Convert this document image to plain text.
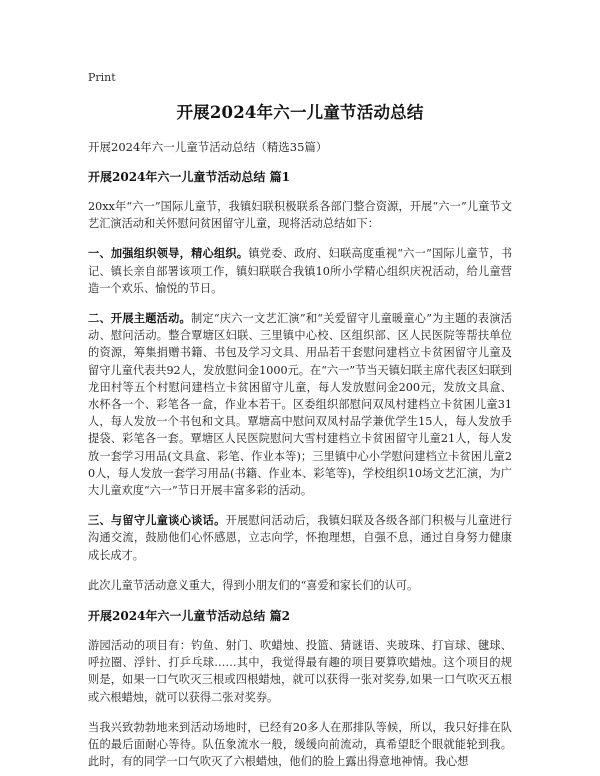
Print
开展2024年六一儿童节活动总结
开展2024年六一儿童节活动总结（精选35篇）
开展2024年六一儿童节活动总结 篇1

20xx年“六一”国际儿童节，我镇妇联积极联系各部门整合资源，开展“六一”儿童节文艺汇演活动和关怀慰问贫困留守儿童，现将活动总结如下：

一、加强组织领导，精心组织。镇党委、政府、妇联高度重视“六一”国际儿童节，书记、镇长亲自部署该项工作，镇妇联联合我镇10所小学精心组织庆祝活动，给儿童营造一个欢乐、愉悦的节日。

二、开展主题活动。制定“庆六一文艺汇演”和“关爱留守儿童暖童心”为主题的表演活动、慰问活动。整合覃塘区妇联、三里镇中心校、区组织部、区人民医院等帮扶单位的资源，筹集捐赠书籍、书包及学习文具、用品若干套慰问建档立卡贫困留守儿童及留守儿童代表共92人，发放慰问金1000元。在“六一”节当天镇妇联主席代表区妇联到龙田村等五个村慰问建档立卡贫困留守儿童，每人发放慰问金200元，发放文具盒、水杯各一个、彩笔各一盒，作业本若干。区委组织部慰问双凤村建档立卡贫困儿童31人，每人发放一个书包和文具。覃塘高中慰问双凤村品学兼优学生15人，每人发放手提袋、彩笔各一套。覃塘区人民医院慰问大雪村建档立卡贫困留守儿童21人，每人发放一套学习用品(文具盒、彩笔、作业本等)；三里镇中心小学慰问建档立卡贫困儿童20人，每人发放一套学习用品(书籍、作业本、彩笔等)，学校组织10场文艺汇演，为广大儿童欢度“六一”节日开展丰富多彩的活动。

三、与留守儿童谈心谈话。开展慰问活动后，我镇妇联及各级各部门积极与儿童进行沟通交流，鼓励他们心怀感恩，立志向学，怀抱理想，自强不息，通过自身努力健康成长成才。

此次儿童节活动意义重大，得到小朋友们的“喜爱和家长们的认可。

开展2024年六一儿童节活动总结 篇2

游园活动的项目有：钓鱼、射门、吹蜡烛、投篮、猜谜语、夹玻珠、打盲球、毽球、呼拉圈、浮针、打乒乓球……其中，我觉得最有趣的项目要算吹蜡烛。这个项目的规则是，如果一口气吹灭三根或四根蜡烛，就可以获得一张对奖券,如果一口气吹灭五根或六根蜡烛，就可以获得二张对奖券。

当我兴致勃勃地来到活动场地时，已经有20多人在那排队等候，所以，我只好排在队伍的最后面耐心等待。队伍象流水一般，缓缓向前流动，真希望眨个眼就能轮到我。此时，有的同学一口气吹灭了六根蜡烛，他们的脸上露出得意地神情。我心想
